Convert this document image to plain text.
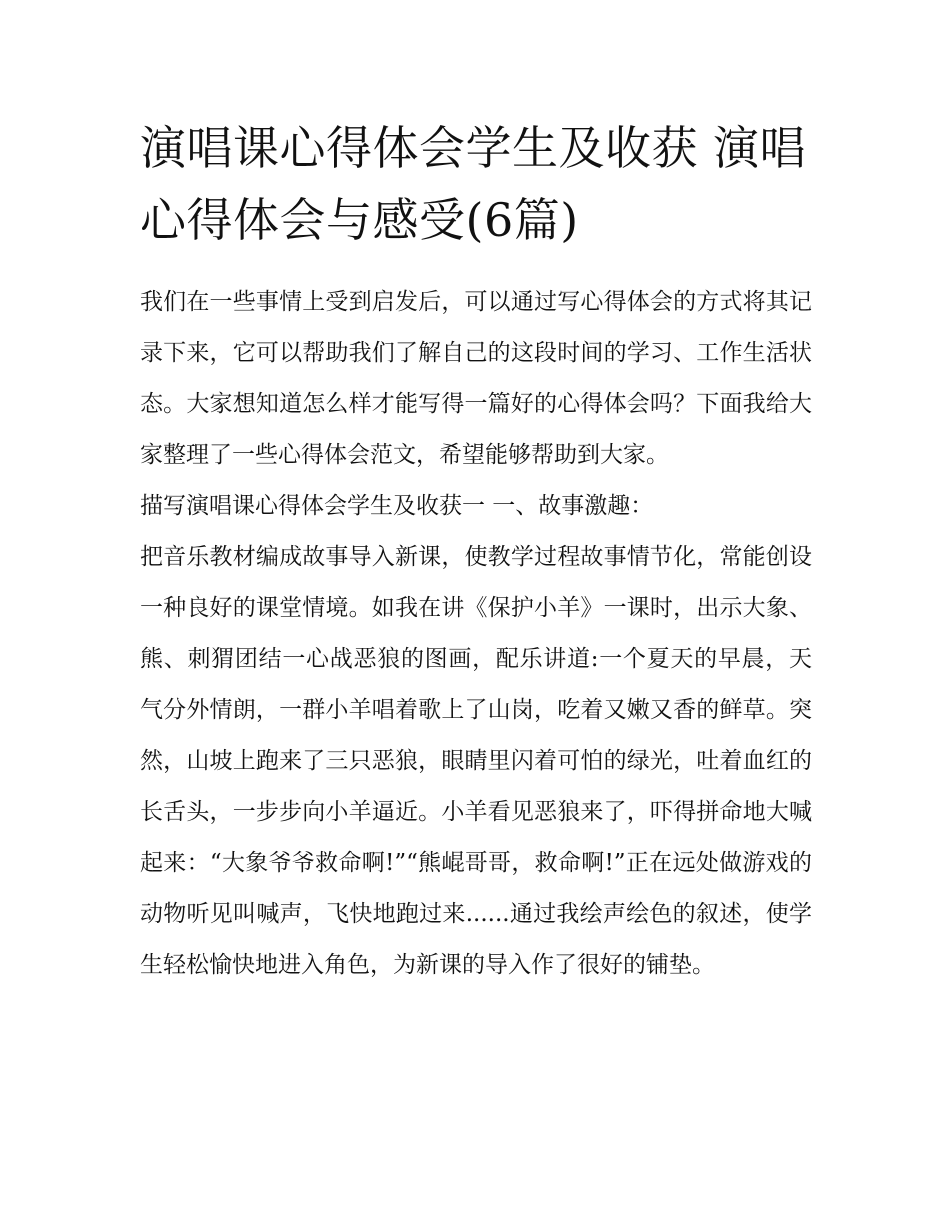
演唱课心得体会学生及收获 演唱心得体会与感受(6篇)

我们在一些事情上受到启发后，可以通过写心得体会的方式将其记录下来，它可以帮助我们了解自己的这段时间的学习、工作生活状态。大家想知道怎么样才能写得一篇好的心得体会吗？下面我给大家整理了一些心得体会范文，希望能够帮助到大家。

描写演唱课心得体会学生及收获一 一、故事激趣：

把音乐教材编成故事导入新课，使教学过程故事情节化，常能创设一种良好的课堂情境。如我在讲《保护小羊》一课时，出示大象、熊、刺猬团结一心战恶狼的图画，配乐讲道:一个夏天的早晨，天气分外情朗，一群小羊唱着歌上了山岗，吃着又嫩又香的鲜草。突然，山坡上跑来了三只恶狼，眼睛里闪着可怕的绿光，吐着血红的长舌头，一步步向小羊逼近。小羊看见恶狼来了，吓得拼命地大喊起来：“大象爷爷救命啊!”“熊崐哥哥，救命啊!”正在远处做游戏的动物听见叫喊声，飞快地跑过来......通过我绘声绘色的叙述，使学生轻松愉快地进入角色，为新课的导入作了很好的铺垫。
